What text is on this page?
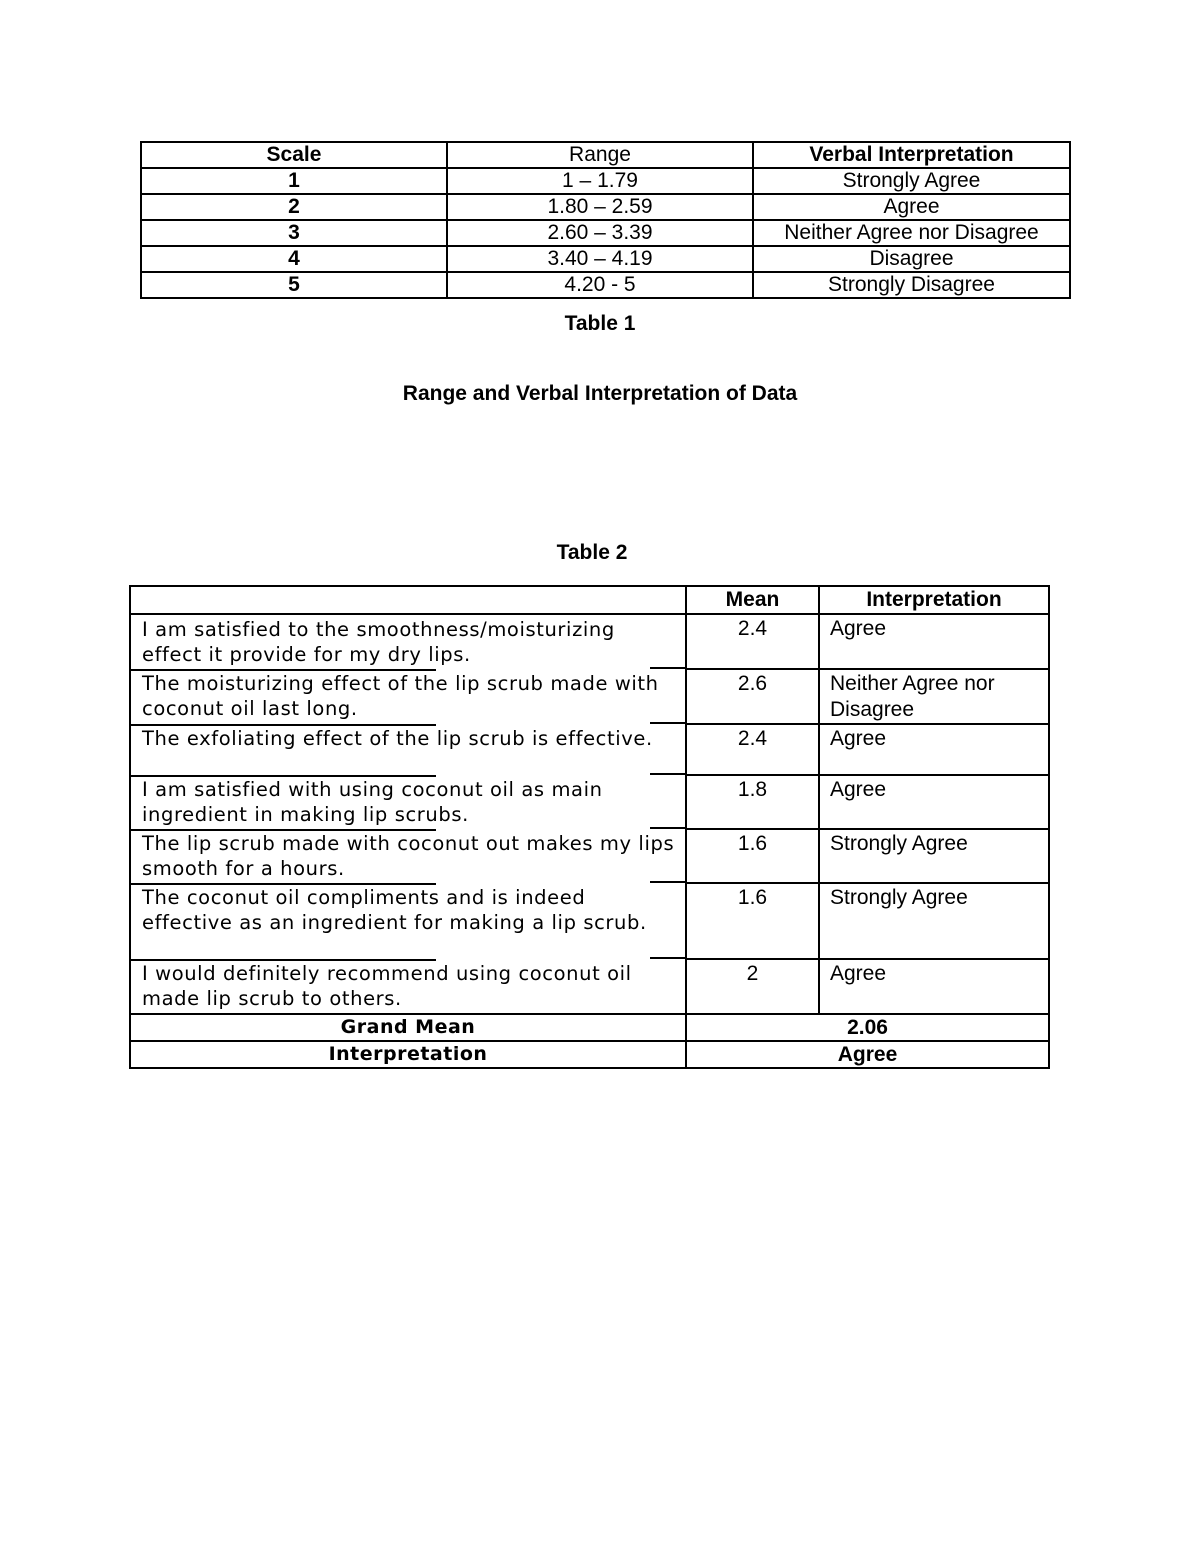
Scale	Range	Verbal Interpretation
1	1 – 1.79	Strongly Agree
2	1.80 – 2.59	Agree
3	2.60 – 3.39	Neither Agree nor Disagree
4	3.40 – 4.19	Disagree
5	4.20 - 5	Strongly Disagree
Table 1
Range and Verbal Interpretation of Data
Table 2
	Mean	Interpretation
I am satisfied to the smoothness/moisturizing effect it provide for my dry lips.	2.4	Agree
The moisturizing effect of the lip scrub made with coconut oil last long.	2.6	Neither Agree nor Disagree
The exfoliating effect of the lip scrub is effective.	2.4	Agree
I am satisfied with using coconut oil as main ingredient in making lip scrubs.	1.8	Agree
The lip scrub made with coconut out makes my lips smooth for a hours.	1.6	Strongly Agree
The coconut oil compliments and is indeed effective as an ingredient for making a lip scrub.	1.6	Strongly Agree
I would definitely recommend using coconut oil made lip scrub to others.	2	Agree
Grand Mean	2.06	
Interpretation	Agree	
